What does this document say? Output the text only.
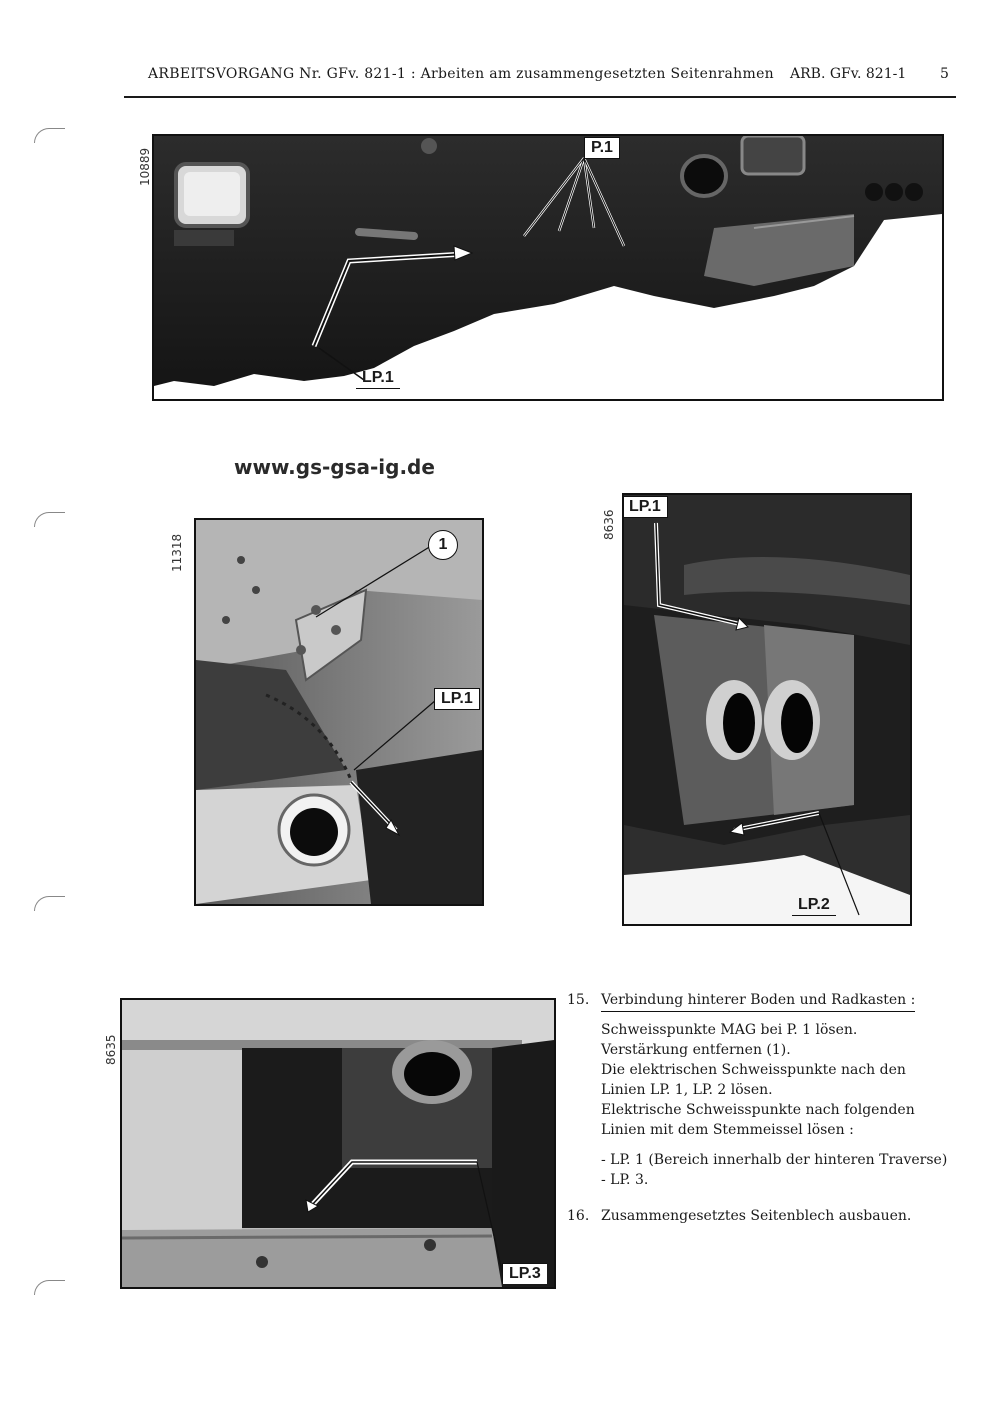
ARBEITSVORGANG Nr. GFv. 821-1 : Arbeiten am zusammengesetzten Seitenrahmen ARB. GFv. 821-1 5
10889
P.1
LP.1
www.gs-gsa-ig.de
11318	1
LP.1
8636
LP.1
LP.2
8635
LP.3
15. Verbindung hinterer Boden und Radkasten :
Schweisspunkte MAG bei P. 1 lösen.
Verstärkung entfernen (1).
Die elektrischen Schweisspunkte nach den
Linien LP. 1, LP. 2 lösen.
Elektrische Schweisspunkte nach folgenden
Linien mit dem Stemmeissel lösen :
- LP. 1 (Bereich innerhalb der hinteren Traverse)
- LP. 3.
16. Zusammengesetztes Seitenblech ausbauen.
